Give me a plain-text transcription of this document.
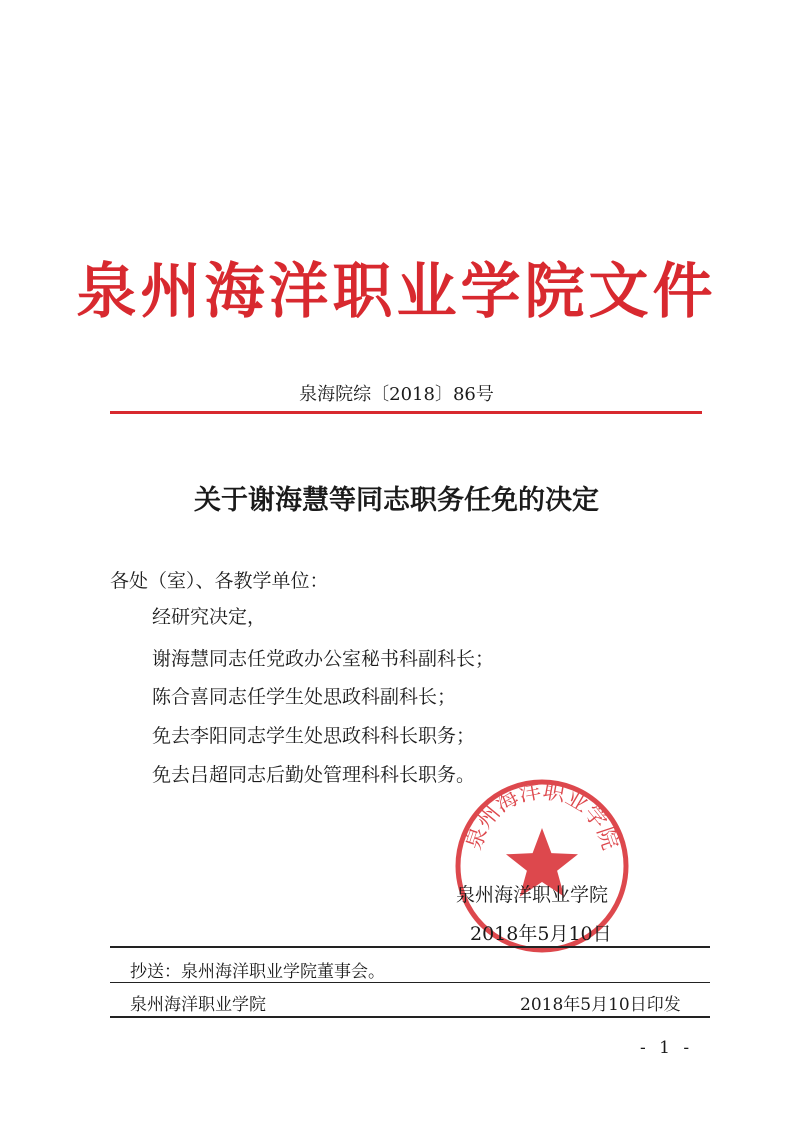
泉州海洋职业学院文件
泉海院综〔2018〕86号
关于谢海慧等同志职务任免的决定
各处（室）、各教学单位：
经研究决定，
谢海慧同志任党政办公室秘书科副科长；
陈合喜同志任学生处思政科副科长；
免去李阳同志学生处思政科科长职务；
免去吕超同志后勤处管理科科长职务。
泉州海洋职业学院
泉州海洋职业学院
2018年5月10日
抄送：泉州海洋职业学院董事会。
泉州海洋职业学院	2018年5月10日印发
- 1 -
